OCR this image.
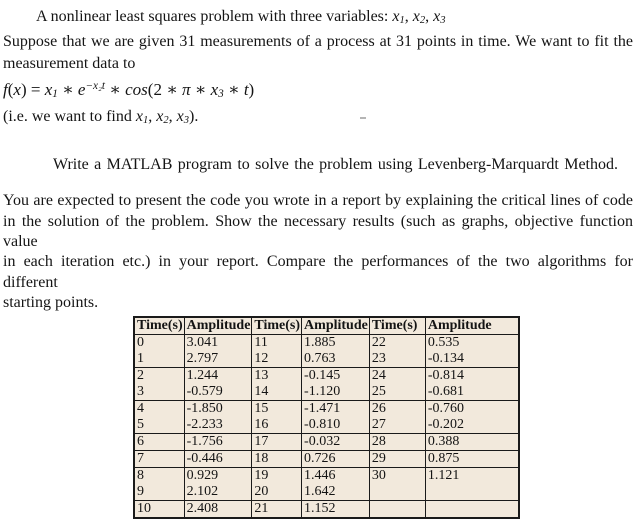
A nonlinear least squares problem with three variables: x1, x2, x3
Suppose that we are given 31 measurements of a process at 31 points in time. We want to fit the
measurement data to
f(x) = x1 ∗ $e^{-x_2t}$ ∗ cos(2 ∗ π ∗ x3 ∗ t)
(i.e. we want to find x1, x2, x3).
Write a MATLAB program to solve the problem using Levenberg-Marquardt Method.
You are expected to present the code you wrote in a report by explaining the critical lines of code
in the solution of the problem. Show the necessary results (such as graphs, objective function value
in each iteration etc.) in your report. Compare the performances of the two algorithms for different
starting points.
Time(s)	Amplitude	Time(s)	Amplitude	Time(s)	Amplitude
0	3.041	11	1.885	22	0.535
1	2.797	12	0.763	23	-0.134
2	1.244	13	-0.145	24	-0.814
3	-0.579	14	-1.120	25	-0.681
4	-1.850	15	-1.471	26	-0.760
5	-2.233	16	-0.810	27	-0.202
6	-1.756	17	-0.032	28	0.388
7	-0.446	18	0.726	29	0.875
8	0.929	19	1.446	30	1.121
9	2.102	20	1.642		
10	2.408	21	1.152		
